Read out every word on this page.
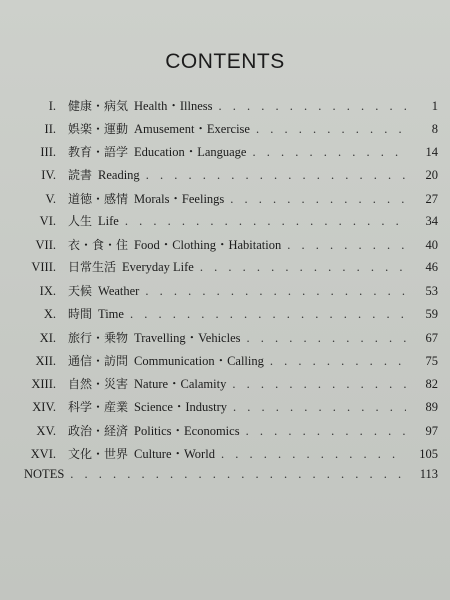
CONTENTS
I.	健康・病気 Health・Illness . . .	1
II.	娯楽・運動 Amusement・Exercise . . .	8
III.	教育・語学 Education・Language . . .	14
IV.	読書 Reading . . .	20
V.	道徳・感情 Morals・Feelings . . .	27
VI.	人生 Life . . .	34
VII.	衣・食・住 Food・Clothing・Habitation . . .	40
VIII.	日常生活 Everyday Life . . .	46
IX.	天候 Weather . . .	53
X.	時間 Time . . .	59
XI.	旅行・乗物 Travelling・Vehicles . . .	67
XII.	通信・訪問 Communication・Calling . . .	75
XIII.	自然・災害 Nature・Calamity . . .	82
XIV.	科学・産業 Science・Industry . . .	89
XV.	政治・経済 Politics・Economics . . .	97
XVI.	文化・世界 Culture・World . . .	105
NOTES . . .	113
